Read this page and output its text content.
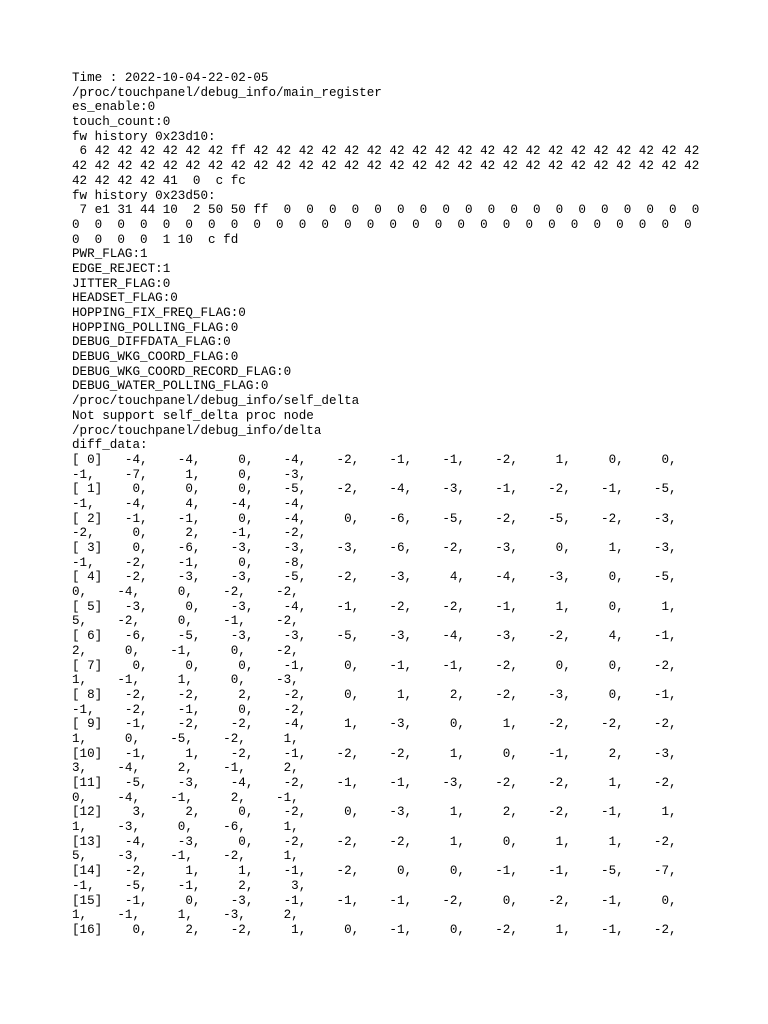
Time : 2022-10-04-22-02-05
/proc/touchpanel/debug_info/main_register
es_enable:0
touch_count:0
fw history 0x23d10:
6 42 42 42 42 42 42 ff 42 42 42 42 42 42 42 42 42 42 42 42 42 42 42 42 42 42 42 42
42 42 42 42 42 42 42 42 42 42 42 42 42 42 42 42 42 42 42 42 42 42 42 42 42 42 42 42
42 42 42 42 41  0  c fc
fw history 0x23d50:
7 e1 31 44 10  2 50 50 ff  0  0  0  0  0  0  0  0  0  0  0  0  0  0  0  0  0  0  0
0  0  0  0  0  0  0  0  0  0  0  0  0  0  0  0  0  0  0  0  0  0  0  0  0  0  0  0
0  0  0  0  1 10  c fd
PWR_FLAG:1
EDGE_REJECT:1
JITTER_FLAG:0
HEADSET_FLAG:0
HOPPING_FIX_FREQ_FLAG:0
HOPPING_POLLING_FLAG:0
DEBUG_DIFFDATA_FLAG:0
DEBUG_WKG_COORD_FLAG:0
DEBUG_WKG_COORD_RECORD_FLAG:0
DEBUG_WATER_POLLING_FLAG:0
/proc/touchpanel/debug_info/self_delta
Not support self_delta proc node
/proc/touchpanel/debug_info/delta
diff_data:
[ 0]   -4,    -4,     0,    -4,    -2,    -1,    -1,    -2,     1,     0,     0,
-1,    -7,     1,     0,    -3,
[ 1]    0,     0,     0,    -5,    -2,    -4,    -3,    -1,    -2,    -1,    -5,
-1,    -4,     4,    -4,    -4,
[ 2]   -1,    -1,     0,    -4,     0,    -6,    -5,    -2,    -5,    -2,    -3,
-2,     0,     2,    -1,    -2,
[ 3]    0,    -6,    -3,    -3,    -3,    -6,    -2,    -3,     0,     1,    -3,
-1,    -2,    -1,     0,    -8,
[ 4]   -2,    -3,    -3,    -5,    -2,    -3,     4,    -4,    -3,     0,    -5,
0,    -4,     0,    -2,    -2,
[ 5]   -3,     0,    -3,    -4,    -1,    -2,    -2,    -1,     1,     0,     1,
5,    -2,     0,    -1,    -2,
[ 6]   -6,    -5,    -3,    -3,    -5,    -3,    -4,    -3,    -2,     4,    -1,
2,     0,    -1,     0,    -2,
[ 7]    0,     0,     0,    -1,     0,    -1,    -1,    -2,     0,     0,    -2,
1,    -1,     1,     0,    -3,
[ 8]   -2,    -2,     2,    -2,     0,     1,     2,    -2,    -3,     0,    -1,
-1,    -2,    -1,     0,    -2,
[ 9]   -1,    -2,    -2,    -4,     1,    -3,     0,     1,    -2,    -2,    -2,
1,     0,    -5,    -2,     1,
[10]   -1,     1,    -2,    -1,    -2,    -2,     1,     0,    -1,     2,    -3,
3,    -4,     2,    -1,     2,
[11]   -5,    -3,    -4,    -2,    -1,    -1,    -3,    -2,    -2,     1,    -2,
0,    -4,    -1,     2,    -1,
[12]    3,     2,     0,    -2,     0,    -3,     1,     2,    -2,    -1,     1,
1,    -3,     0,    -6,     1,
[13]   -4,    -3,     0,    -2,    -2,    -2,     1,     0,     1,     1,    -2,
5,    -3,    -1,    -2,     1,
[14]   -2,     1,     1,    -1,    -2,     0,     0,    -1,    -1,    -5,    -7,
-1,    -5,    -1,     2,     3,
[15]   -1,     0,    -3,    -1,    -1,    -1,    -2,     0,    -2,    -1,     0,
1,    -1,     1,    -3,     2,
[16]    0,     2,    -2,     1,     0,    -1,     0,    -2,     1,    -1,    -2,
